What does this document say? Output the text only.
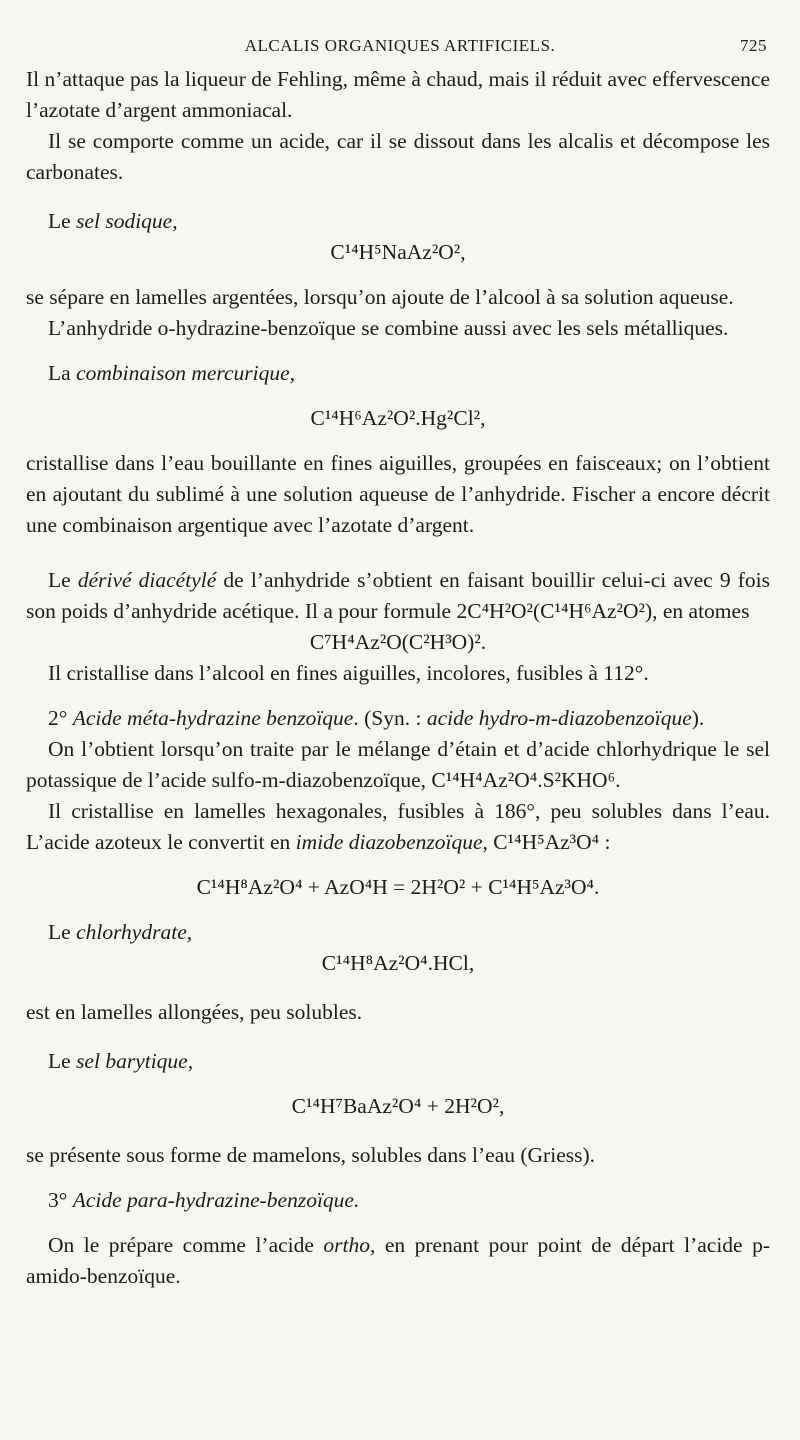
ALCALIS ORGANIQUES ARTIFICIELS.	725

Il n’attaque pas la liqueur de Fehling, même à chaud, mais il réduit avec effervescence l’azotate d’argent ammoniacal.

Il se comporte comme un acide, car il se dissout dans les alcalis et décompose les carbonates.

Le sel sodique,

C¹⁴H⁵NaAz²O²,

se sépare en lamelles argentées, lorsqu’on ajoute de l’alcool à sa solution aqueuse.

L’anhydride o-hydrazine-benzoïque se combine aussi avec les sels métalliques.

La combinaison mercurique,

C¹⁴H⁶Az²O².Hg²Cl²,

cristallise dans l’eau bouillante en fines aiguilles, groupées en faisceaux; on l’obtient en ajoutant du sublimé à une solution aqueuse de l’anhydride. Fischer a encore décrit une combinaison argentique avec l’azotate d’argent.

Le dérivé diacétylé de l’anhydride s’obtient en faisant bouillir celui-ci avec 9 fois son poids d’anhydride acétique. Il a pour formule 2C⁴H²O²(C¹⁴H⁶Az²O²), en atomes

C⁷H⁴Az²O(C²H³O)².

Il cristallise dans l’alcool en fines aiguilles, incolores, fusibles à 112°.

2° Acide méta-hydrazine benzoïque. (Syn. : acide hydro-m-diazobenzoïque).

On l’obtient lorsqu’on traite par le mélange d’étain et d’acide chlorhydrique le sel potassique de l’acide sulfo-m-diazobenzoïque, C¹⁴H⁴Az²O⁴.S²KHO⁶.

Il cristallise en lamelles hexagonales, fusibles à 186°, peu solubles dans l’eau. L’acide azoteux le convertit en imide diazobenzoïque, C¹⁴H⁵Az³O⁴ :

C¹⁴H⁸Az²O⁴ + AzO⁴H = 2H²O² + C¹⁴H⁵Az³O⁴.

Le chlorhydrate,

C¹⁴H⁸Az²O⁴.HCl,

est en lamelles allongées, peu solubles.

Le sel barytique,

C¹⁴H⁷BaAz²O⁴ + 2H²O²,

se présente sous forme de mamelons, solubles dans l’eau (Griess).

3° Acide para-hydrazine-benzoïque.

On le prépare comme l’acide ortho, en prenant pour point de départ l’acide p-amido-benzoïque.
